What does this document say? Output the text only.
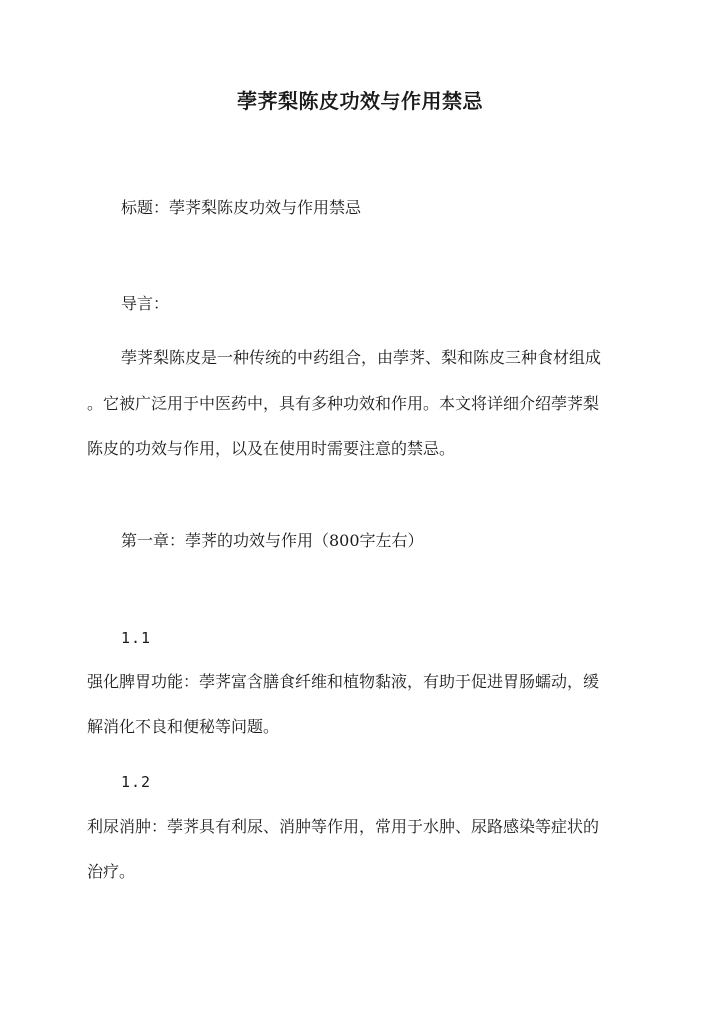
荸荠梨陈皮功效与作用禁忌

标题：荸荠梨陈皮功效与作用禁忌

导言：

荸荠梨陈皮是一种传统的中药组合，由荸荠、梨和陈皮三种食材组成

。它被广泛用于中医药中，具有多种功效和作用。本文将详细介绍荸荠梨

陈皮的功效与作用，以及在使用时需要注意的禁忌。

第一章：荸荠的功效与作用（800字左右）

1.1

强化脾胃功能：荸荠富含膳食纤维和植物黏液，有助于促进胃肠蠕动，缓

解消化不良和便秘等问题。

1.2

利尿消肿：荸荠具有利尿、消肿等作用，常用于水肿、尿路感染等症状的

治疗。
